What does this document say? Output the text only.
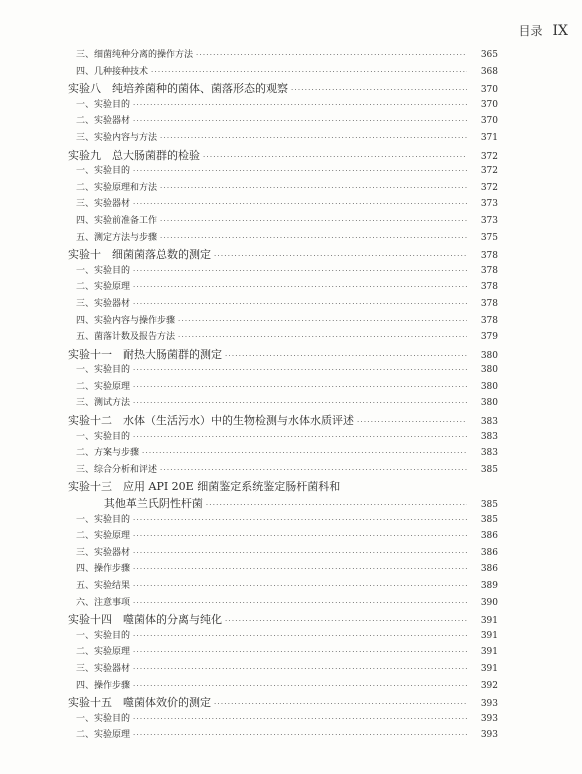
目录 IX
三、细菌纯种分离的操作方法 ·····	365
四、几种接种技术 ·····	368
实验八　纯培养菌种的菌体、菌落形态的观察 ·····	370
一、实验目的 ·····	370
二、实验器材 ·····	370
三、实验内容与方法 ·····	371
实验九　总大肠菌群的检验 ·····	372
一、实验目的 ·····	372
二、实验原理和方法 ·····	372
三、实验器材 ·····	373
四、实验前准备工作 ·····	373
五、测定方法与步骤 ·····	375
实验十　细菌菌落总数的测定 ·····	378
一、实验目的 ·····	378
二、实验原理 ·····	378
三、实验器材 ·····	378
四、实验内容与操作步骤 ·····	378
五、菌落计数及报告方法 ·····	379
实验十一　耐热大肠菌群的测定 ·····	380
一、实验目的 ·····	380
二、实验原理 ·····	380
三、测试方法 ·····	380
实验十二　水体（生活污水）中的生物检测与水体水质评述 ·····	383
一、实验目的 ·····	383
二、方案与步骤 ·····	383
三、综合分析和评述 ·····	385
实验十三　应用 API 20E 细菌鉴定系统鉴定肠杆菌科和
其他革兰氏阴性杆菌 ·····	385
一、实验目的 ·····	385
二、实验原理 ·····	386
三、实验器材 ·····	386
四、操作步骤 ·····	386
五、实验结果 ·····	389
六、注意事项 ·····	390
实验十四　噬菌体的分离与纯化 ·····	391
一、实验目的 ·····	391
二、实验原理 ·····	391
三、实验器材 ·····	391
四、操作步骤 ·····	392
实验十五　噬菌体效价的测定 ·····	393
一、实验目的 ·····	393
二、实验原理 ·····	393
